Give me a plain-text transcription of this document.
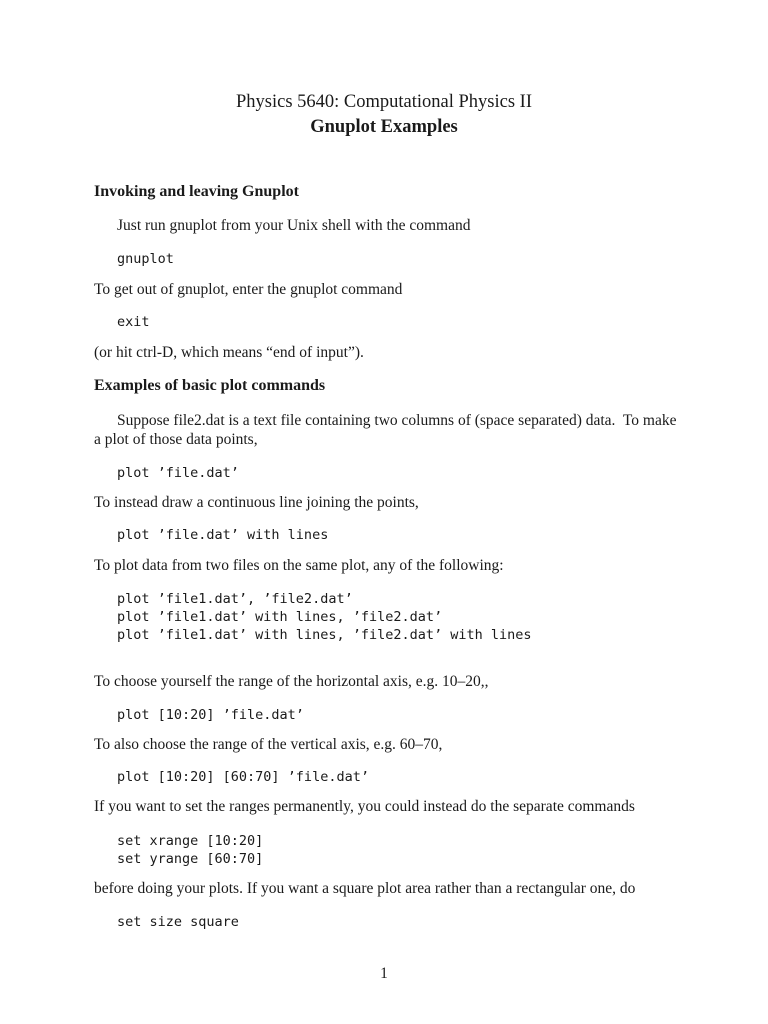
Physics 5640: Computational Physics II
Gnuplot Examples
Invoking and leaving Gnuplot
Just run gnuplot from your Unix shell with the command
gnuplot
To get out of gnuplot, enter the gnuplot command
exit
(or hit ctrl-D, which means “end of input”).
Examples of basic plot commands
Suppose file2.dat is a text file containing two columns of (space separated) data.  To make
a plot of those data points,
plot ’file.dat’
To instead draw a continuous line joining the points,
plot ’file.dat’ with lines
To plot data from two files on the same plot, any of the following:
plot ’file1.dat’, ’file2.dat’
plot ’file1.dat’ with lines, ’file2.dat’
plot ’file1.dat’ with lines, ’file2.dat’ with lines
To choose yourself the range of the horizontal axis, e.g. 10–20,,
plot [10:20] ’file.dat’
To also choose the range of the vertical axis, e.g. 60–70,
plot [10:20] [60:70] ’file.dat’
If you want to set the ranges permanently, you could instead do the separate commands
set xrange [10:20]
set yrange [60:70]
before doing your plots. If you want a square plot area rather than a rectangular one, do
set size square
1
